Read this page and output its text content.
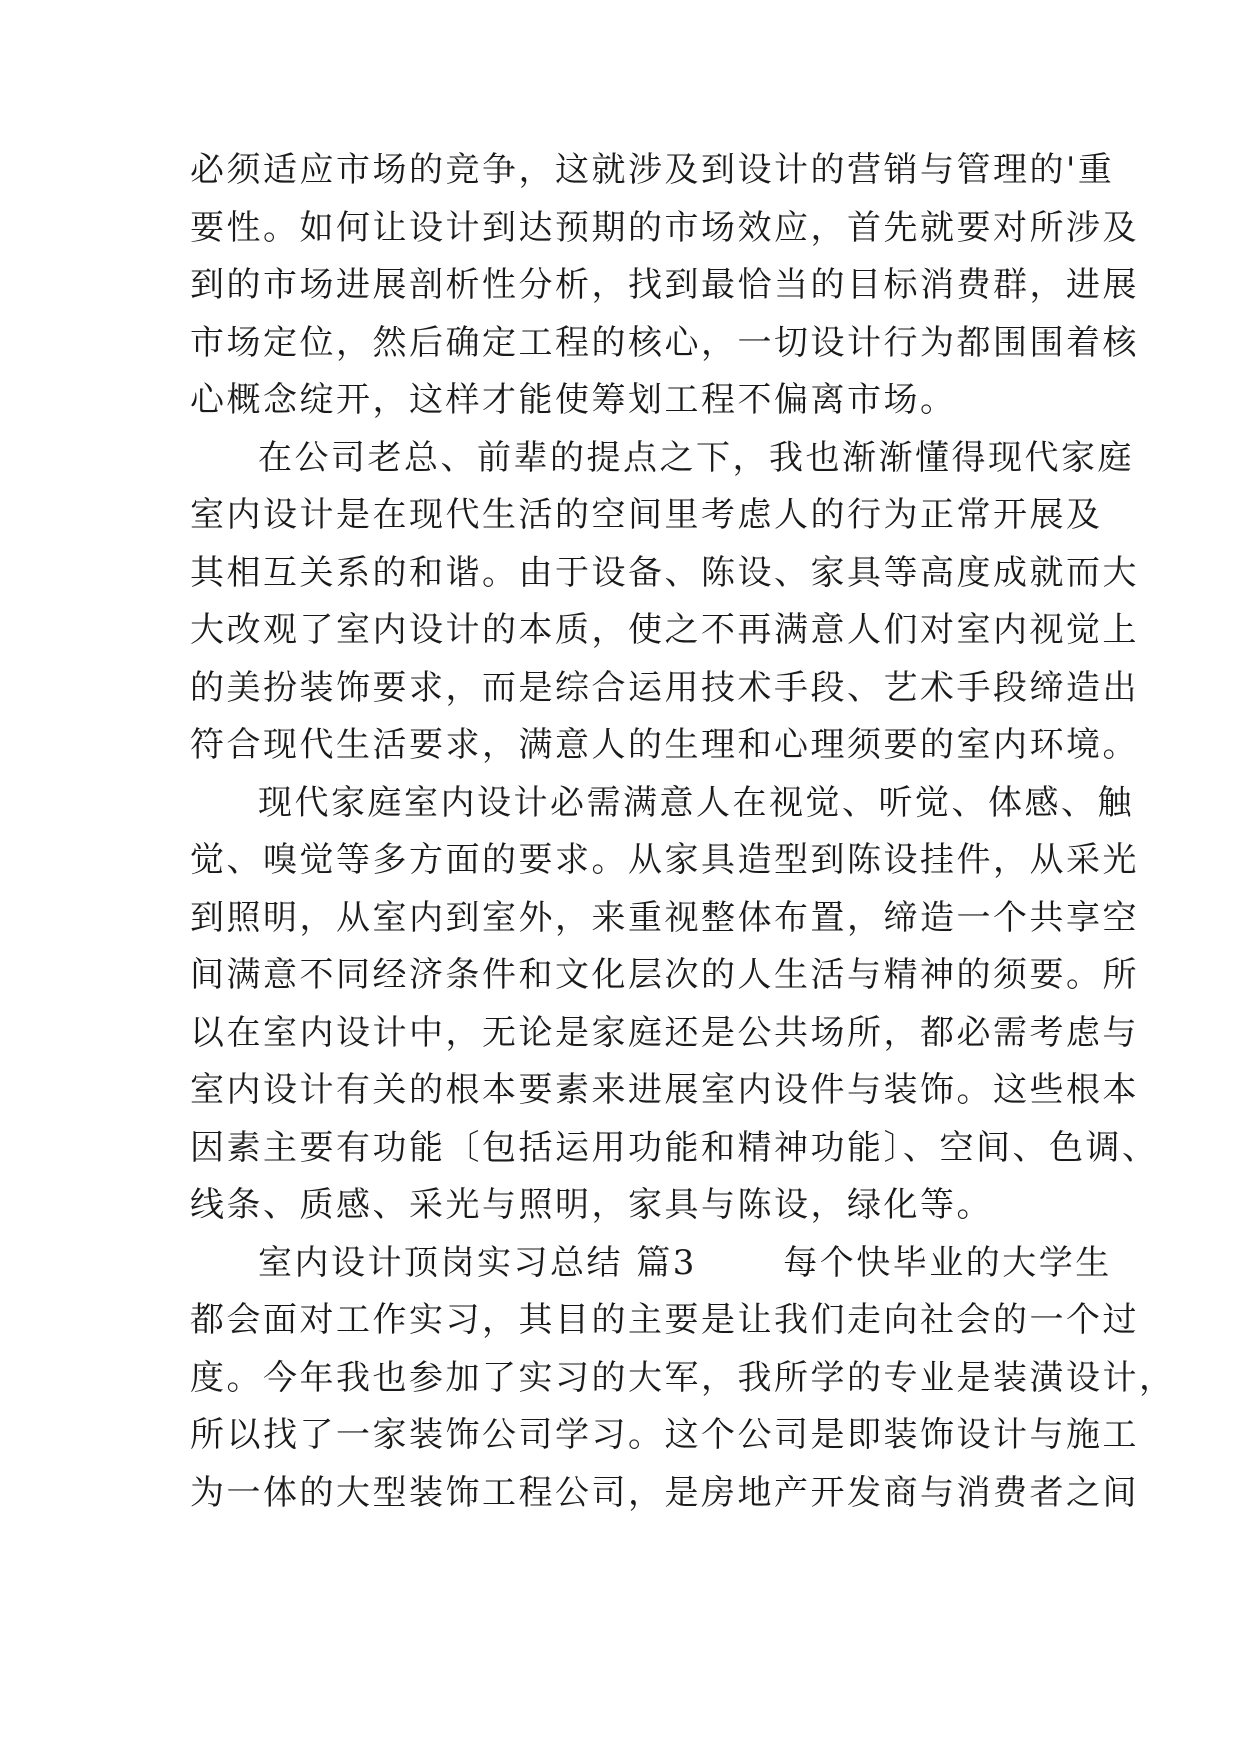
必须适应市场的竞争，这就涉及到设计的营销与管理的'重
要性。如何让设计到达预期的市场效应，首先就要对所涉及
到的市场进展剖析性分析，找到最恰当的目标消费群，进展
市场定位，然后确定工程的核心，一切设计行为都围围着核
心概念绽开，这样才能使筹划工程不偏离市场。
在公司老总、前辈的提点之下，我也渐渐懂得现代家庭
室内设计是在现代生活的空间里考虑人的行为正常开展及
其相互关系的和谐。由于设备、陈设、家具等高度成就而大
大改观了室内设计的本质，使之不再满意人们对室内视觉上
的美扮装饰要求，而是综合运用技术手段、艺术手段缔造出
符合现代生活要求，满意人的生理和心理须要的室内环境。
现代家庭室内设计必需满意人在视觉、听觉、体感、触
觉、嗅觉等多方面的要求。从家具造型到陈设挂件，从采光
到照明，从室内到室外，来重视整体布置，缔造一个共享空
间满意不同经济条件和文化层次的人生活与精神的须要。所
以在室内设计中，无论是家庭还是公共场所，都必需考虑与
室内设计有关的根本要素来进展室内设件与装饰。这些根本
因素主要有功能〔包括运用功能和精神功能〕、空间、色调、
线条、质感、采光与照明，家具与陈设，绿化等。
室内设计顶岗实习总结 篇3 　　每个快毕业的大学生
都会面对工作实习，其目的主要是让我们走向社会的一个过
度。今年我也参加了实习的大军，我所学的专业是装潢设计，
所以找了一家装饰公司学习。这个公司是即装饰设计与施工
为一体的大型装饰工程公司，是房地产开发商与消费者之间
